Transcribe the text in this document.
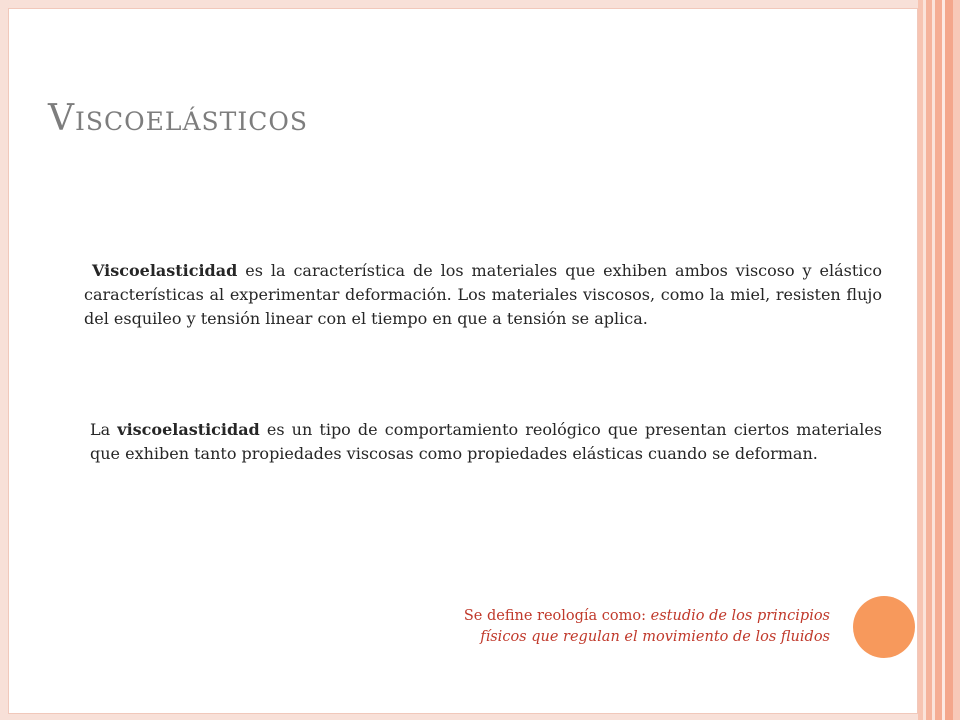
Viscoelásticos
Viscoelasticidad es la característica de los materiales que exhiben ambos viscoso y elástico características al experimentar deformación. Los materiales viscosos, como la miel, resisten flujo del esquileo y tensión linear con el tiempo en que a tensión se aplica.
La viscoelasticidad es un tipo de comportamiento reológico que presentan ciertos materiales que exhiben tanto propiedades viscosas como propiedades elásticas cuando se deforman.
Se define reología como: estudio de los principios
físicos que regulan el movimiento de los fluidos
